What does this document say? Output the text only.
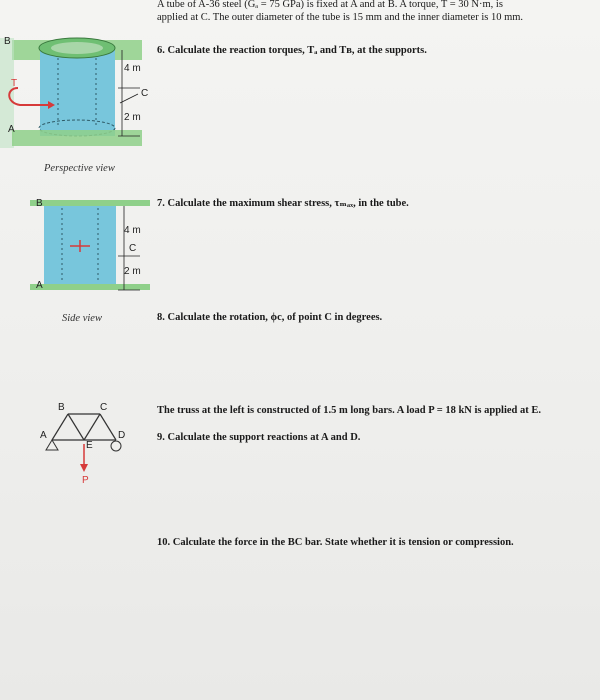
A tube of A-36 steel (Gₐ = 75 GPa) is fixed at A and at B. A torque, T = 30 N·m, is
applied at C. The outer diameter of the tube is 15 mm and the inner diameter is 10 mm.
6. Calculate the reaction torques, Tₐ and Tʙ, at the supports.
7. Calculate the maximum shear stress, τₘₐₓ, in the tube.
8. Calculate the rotation, ϕc, of point C in degrees.
The truss at the left is constructed of 1.5 m long bars. A load P = 18 kN is applied at E.
9. Calculate the support reactions at A and D.
10. Calculate the force in the BC bar. State whether it is tension or compression.
B
T
A
C
4 m
2 m
Perspective view
B
A
C
4 m
2 m
Side view
A
B	C
D
E
P
